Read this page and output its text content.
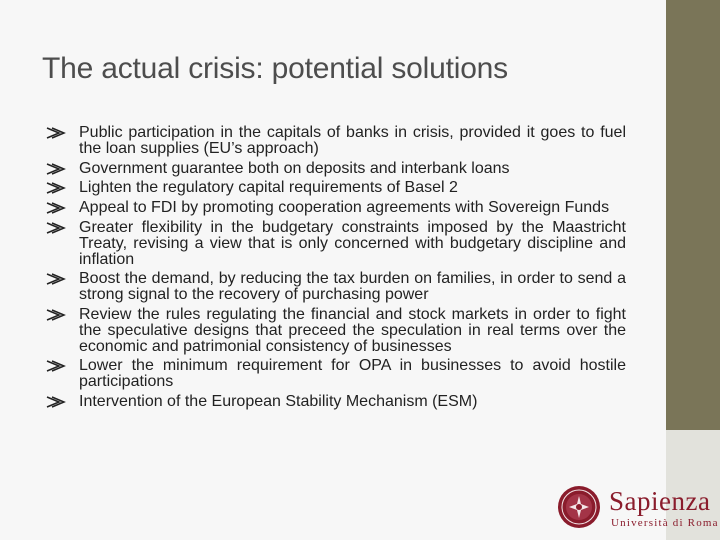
The actual crisis: potential solutions
Public participation in the capitals of banks in crisis, provided it goes to fuel the loan supplies (EU’s approach)
Government guarantee both on deposits and interbank loans
Lighten the regulatory capital requirements of Basel 2
Appeal to FDI by promoting cooperation agreements with Sovereign Funds
Greater flexibility in the budgetary constraints imposed by the Maastricht Treaty, revising a view that is only concerned with budgetary discipline and inflation
Boost the demand, by reducing the tax burden on families, in order to send a strong signal to the recovery of purchasing power
Review the rules regulating the financial and stock markets in order to fight the speculative designs that preceed the speculation in real terms over the economic and patrimonial consistency of businesses
Lower the minimum requirement for OPA in businesses to avoid hostile participations
Intervention of the European Stability Mechanism (ESM)
Sapienza
Università di Roma
